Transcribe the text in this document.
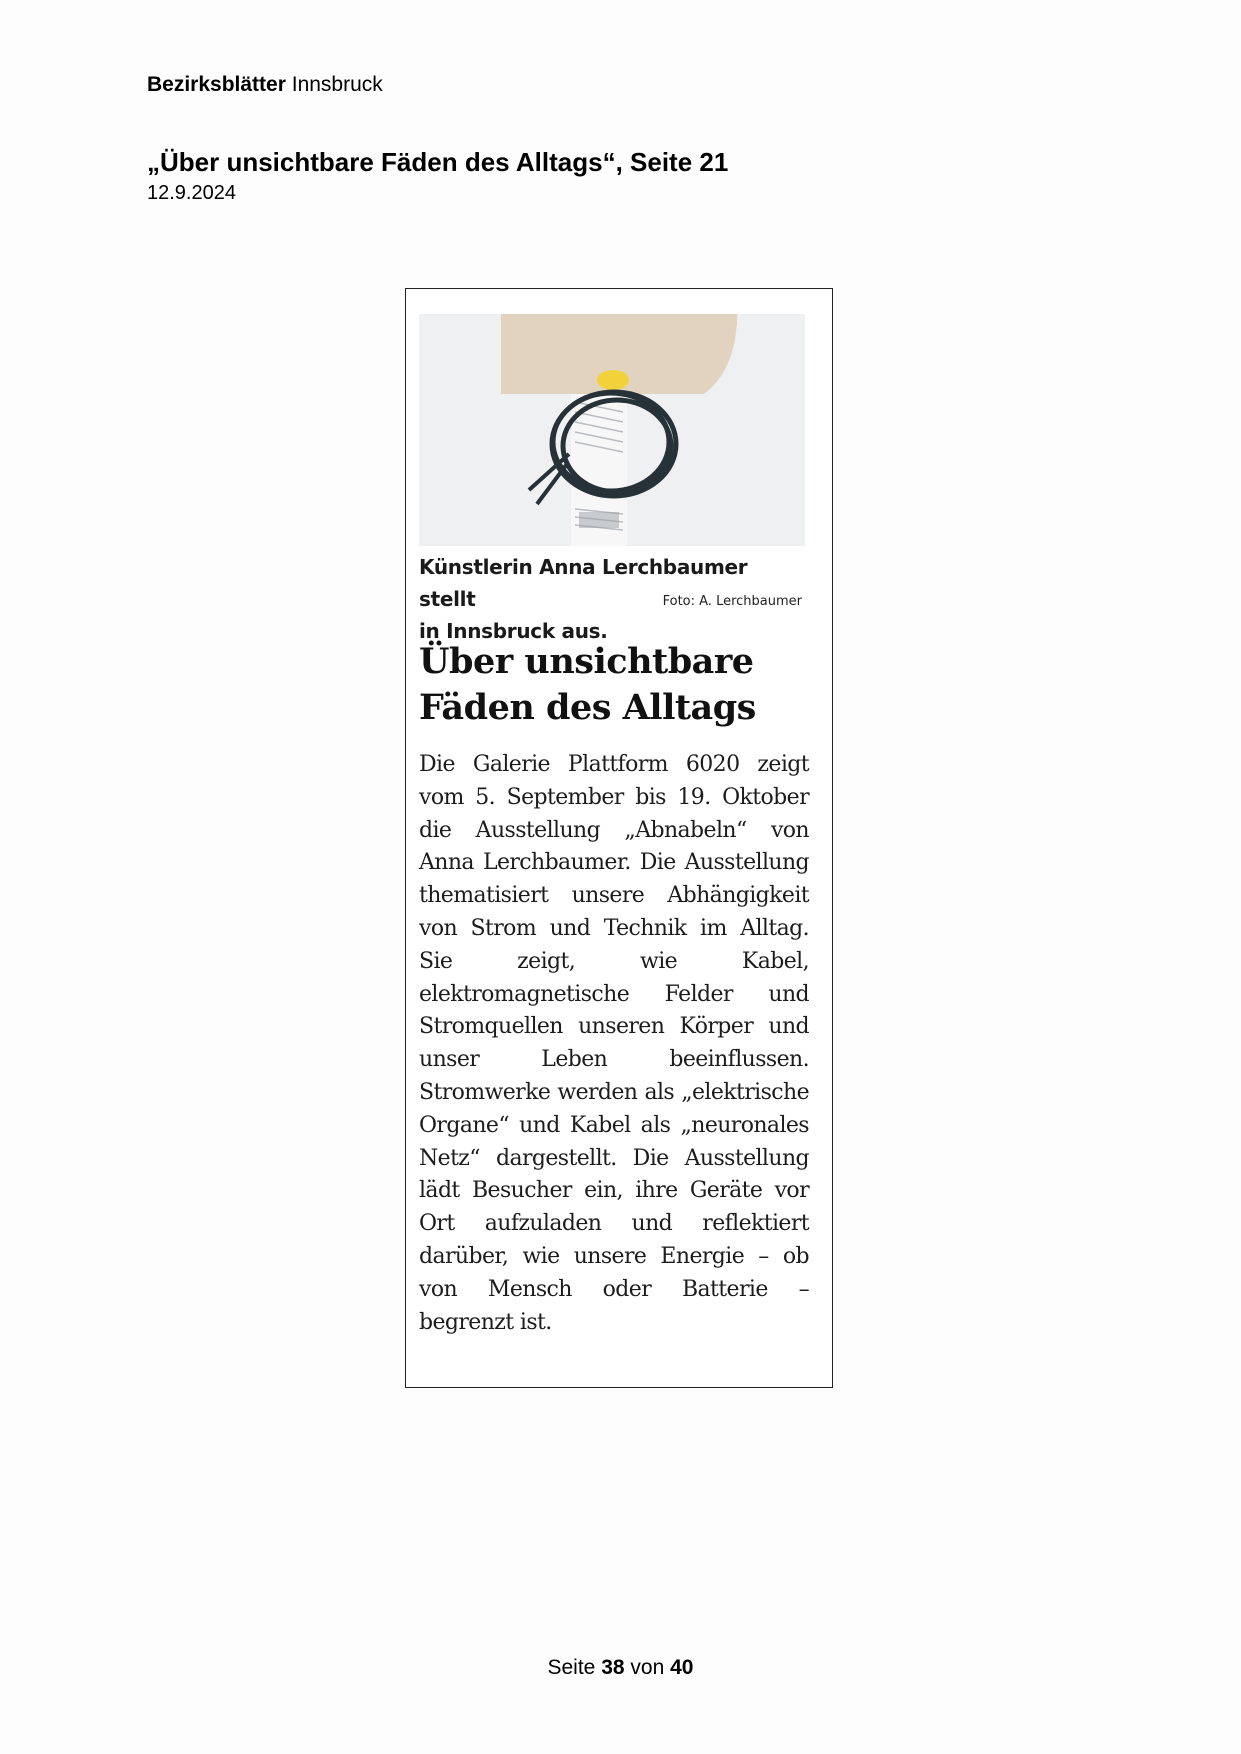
Bezirksblätter Innsbruck
„Über unsichtbare Fäden des Alltags“, Seite 21
12.9.2024
Künstlerin Anna Lerchbaumer stellt
in Innsbruck aus.
Foto: A. Lerchbaumer
Über unsichtbare
Fäden des Alltags
Die Galerie Plattform 6020 zeigt vom 5. September bis 19. Oktober die Ausstellung „Abnabeln“ von Anna Lerchbaumer. Die Ausstellung thematisiert unsere Abhängigkeit von Strom und Technik im Alltag. Sie zeigt, wie Kabel, elektromagnetische Felder und Stromquellen unseren Körper und unser Leben beeinflussen. Stromwerke werden als „elektrische Organe“ und Kabel als „neuronales Netz“ dargestellt. Die Ausstellung lädt Besucher ein, ihre Geräte vor Ort aufzuladen und reflektiert darüber, wie unsere Energie – ob von Mensch oder Batterie – begrenzt ist.
Seite 38 von 40
